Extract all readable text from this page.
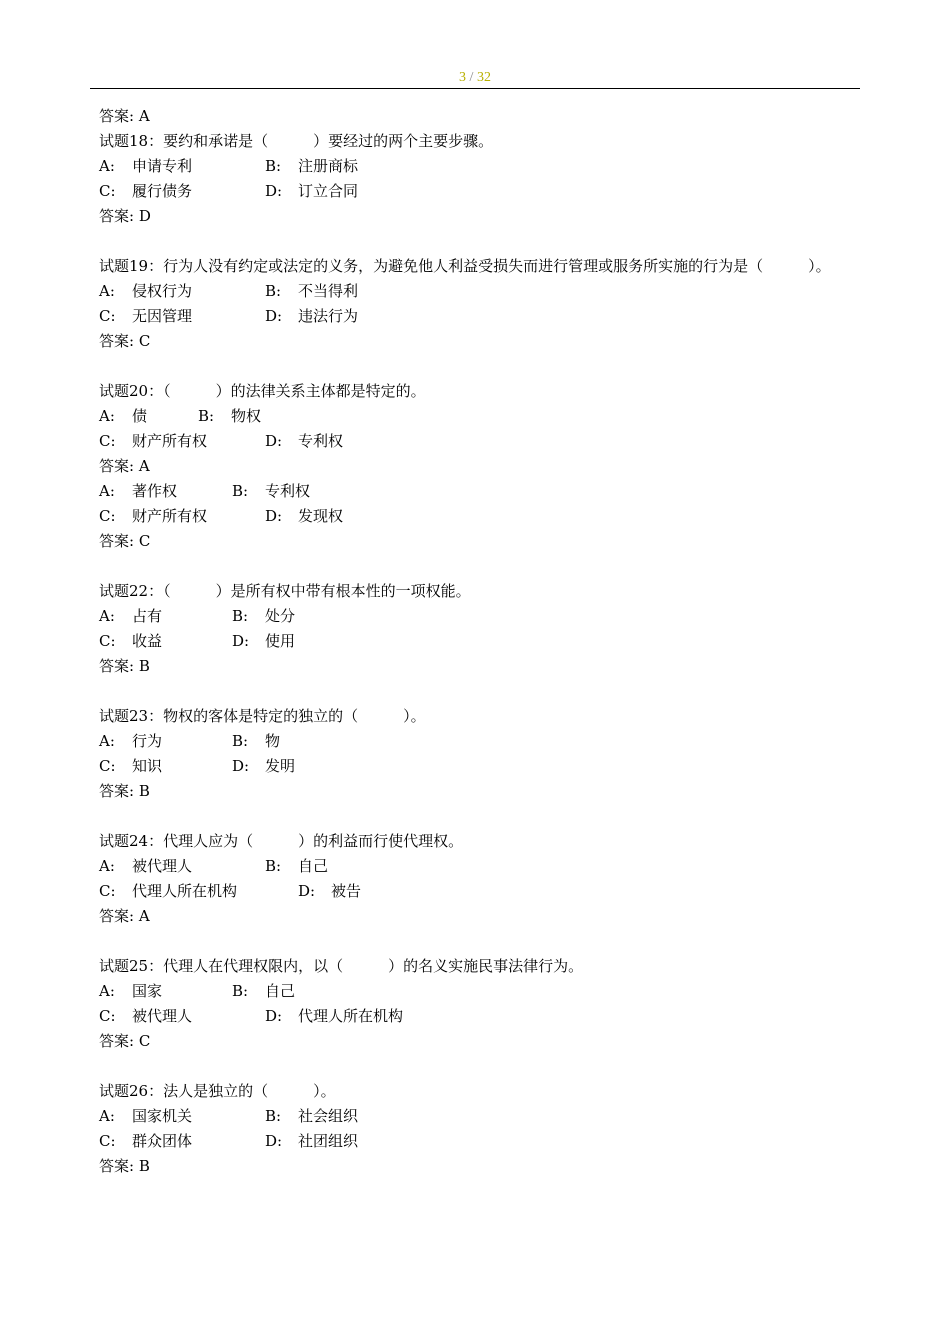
3 / 32
答案: A
试题18：要约和承诺是（　　　）要经过的两个主要步骤。
A:	申请专利	B:	注册商标
C:	履行债务	D:	订立合同
答案: D
试题19：行为人没有约定或法定的义务，为避免他人利益受损失而进行管理或服务所实施的行为是（　　　）。
A:	侵权行为	B:	不当得利
C:	无因管理	D:	违法行为
答案: C
试题20：（　　　）的法律关系主体都是特定的。
A:	债	B:	物权
C:	财产所有权	D:	专利权
答案: A
A:	著作权	B:	专利权
C:	财产所有权	D:	发现权
答案: C
试题22：（　　　）是所有权中带有根本性的一项权能。
A:	占有	B:	处分
C:	收益	D:	使用
答案: B
试题23：物权的客体是特定的独立的（　　　）。
A:	行为	B:	物
C:	知识	D:	发明
答案: B
试题24：代理人应为（　　　）的利益而行使代理权。
A:	被代理人	B:	自己
C:	代理人所在机构	D:	被告
答案: A
试题25：代理人在代理权限内，以（　　　）的名义实施民事法律行为。
A:	国家	B:	自己
C:	被代理人	D:	代理人所在机构
答案: C
试题26：法人是独立的（　　　）。
A:	国家机关	B:	社会组织
C:	群众团体	D:	社团组织
答案: B
